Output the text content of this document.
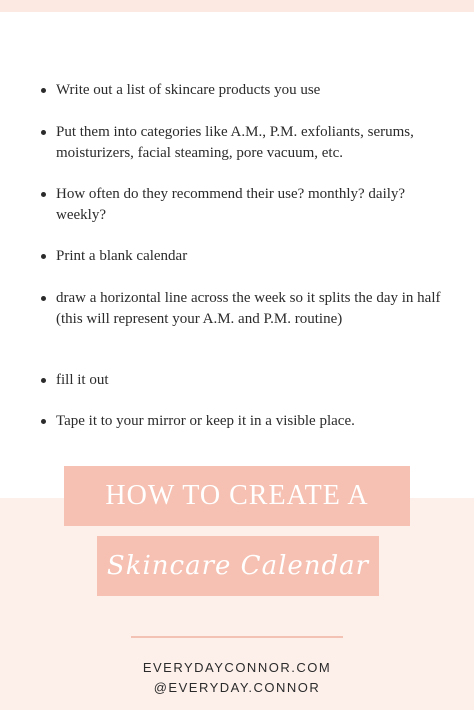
Write out a list of skincare products you use
Put them into categories like A.M., P.M. exfoliants, serums, moisturizers, facial steaming, pore vacuum, etc.
How often do they recommend their use? monthly? daily? weekly?
Print a blank calendar
draw a horizontal line across the week so it splits the day in half (this will represent your A.M. and P.M. routine)
fill it out
Tape it to your mirror or keep it in a visible place.
HOW TO CREATE A
Skincare Calendar
EVERYDAYCONNOR.COM
@EVERYDAY.CONNOR
